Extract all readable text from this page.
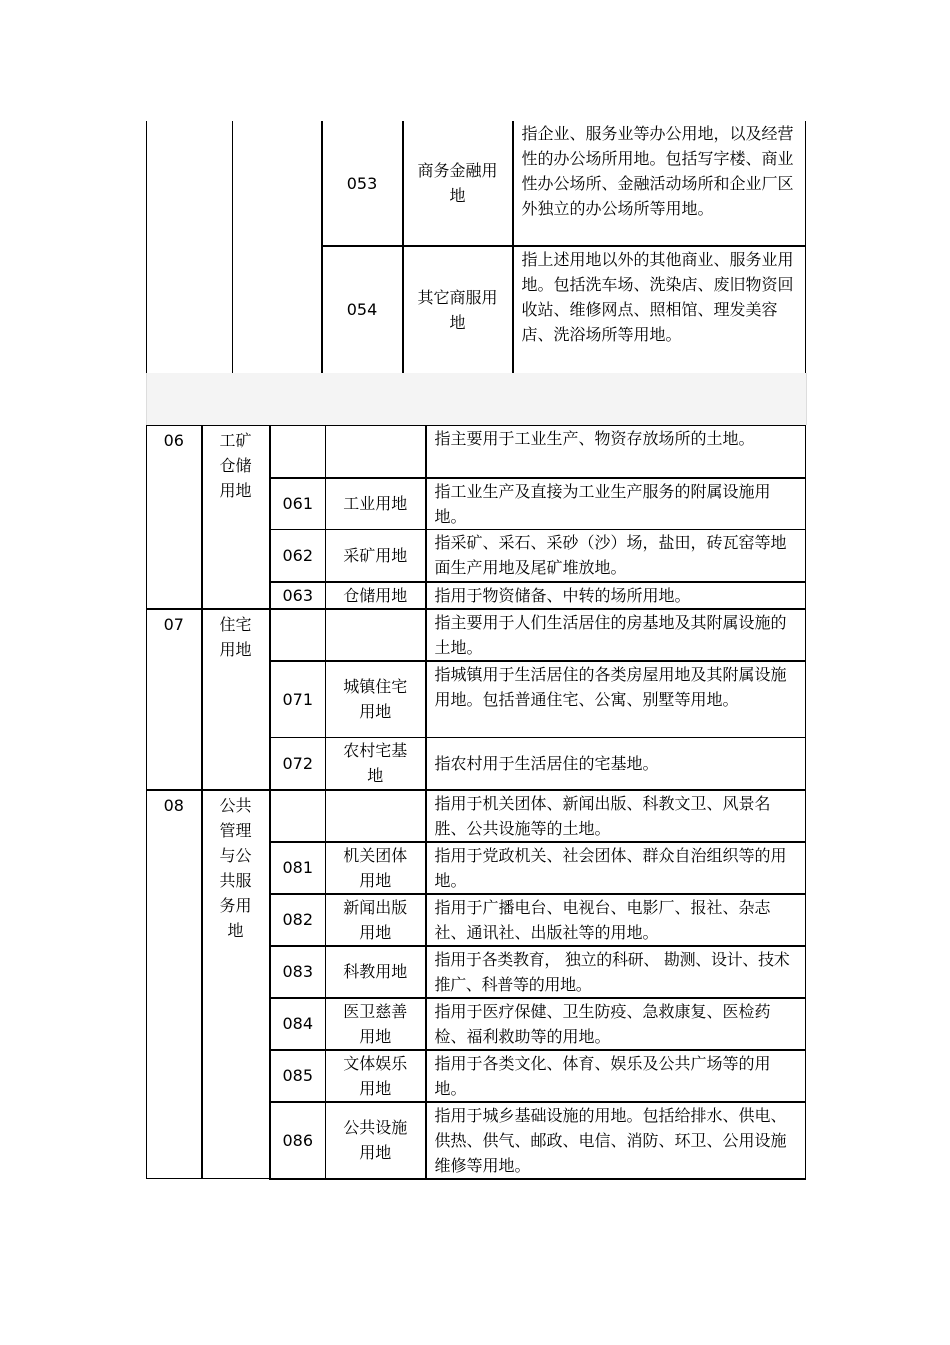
		053	商务金融用地	指企业、服务业等办公用地，以及经营性的办公场所用地。包括写字楼、商业性办公场所、金融活动场所和企业厂区外独立的办公场所等用地。
		054	其它商服用地	指上述用地以外的其他商业、服务业用地。包括洗车场、洗染店、废旧物资回收站、维修网点、照相馆、理发美容店、洗浴场所等用地。
06	工矿仓储用地			指主要用于工业生产、物资存放场所的土地。
		061	工业用地	指工业生产及直接为工业生产服务的附属设施用地。
		062	采矿用地	指采矿、采石、采砂（沙）场，盐田，砖瓦窑等地面生产用地及尾矿堆放地。
		063	仓储用地	指用于物资储备、中转的场所用地。
07	住宅用地			指主要用于人们生活居住的房基地及其附属设施的土地。
		071	城镇住宅用地	指城镇用于生活居住的各类房屋用地及其附属设施用地。包括普通住宅、公寓、别墅等用地。
		072	农村宅基地	指农村用于生活居住的宅基地。
08	公共管理与公共服务用地			指用于机关团体、新闻出版、科教文卫、风景名胜、公共设施等的土地。
		081	机关团体用地	指用于党政机关、社会团体、群众自治组织等的用地。
		082	新闻出版用地	指用于广播电台、电视台、电影厂、报社、杂志社、通讯社、出版社等的用地。
		083	科教用地	指用于各类教育， 独立的科研、 勘测、设计、技术推广、科普等的用地。
		084	医卫慈善用地	指用于医疗保健、卫生防疫、急救康复、医检药检、福利救助等的用地。
		085	文体娱乐用地	指用于各类文化、体育、娱乐及公共广场等的用地。
		086	公共设施用地	指用于城乡基础设施的用地。包括给排水、供电、供热、供气、邮政、电信、消防、环卫、公用设施维修等用地。
